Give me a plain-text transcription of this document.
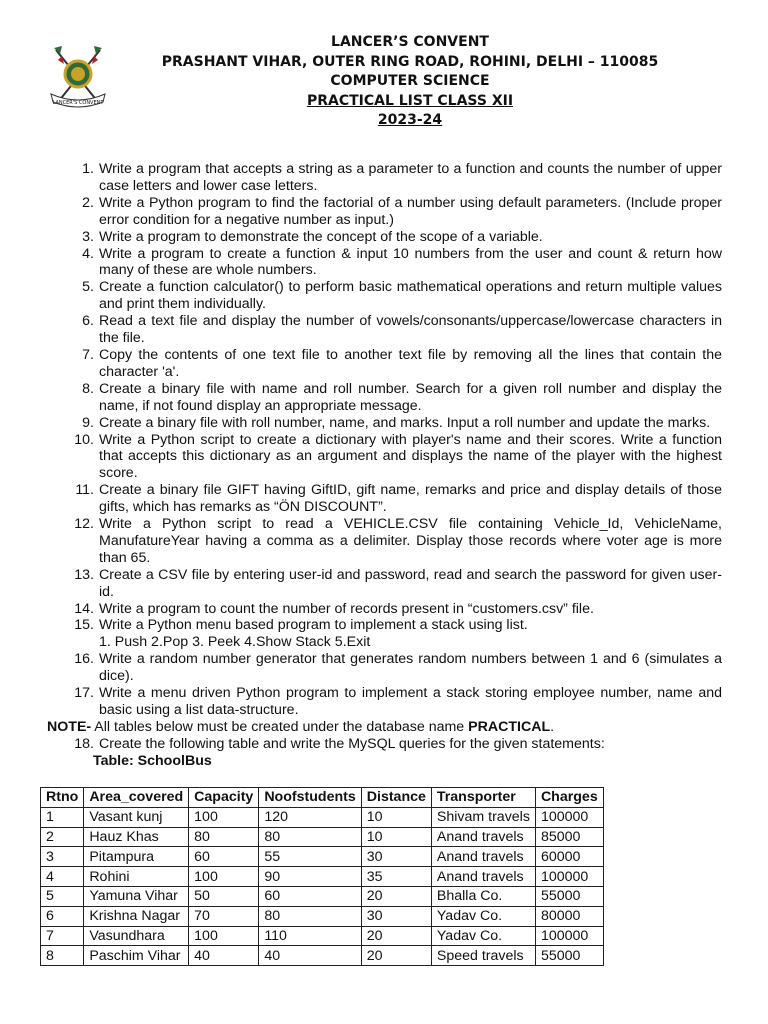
LANCER'S CONVENT
LANCER’S CONVENT
PRASHANT VIHAR, OUTER RING ROAD, ROHINI, DELHI – 110085
COMPUTER SCIENCE
PRACTICAL LIST CLASS XII
2023-24
1. Write a program that accepts a string as a parameter to a function and counts the number of upper case letters and lower case letters.
2. Write a Python program to find the factorial of a number using default parameters. (Include proper error condition for a negative number as input.)
3. Write a program to demonstrate the concept of the scope of a variable.
4. Write a program to create a function & input 10 numbers from the user and count & return how many of these are whole numbers.
5. Create a function calculator() to perform basic mathematical operations and return multiple values and print them individually.
6. Read a text file and display the number of vowels/consonants/uppercase/lowercase characters in the file.
7. Copy the contents of one text file to another text file by removing all the lines that contain the character 'a'.
8. Create a binary file with name and roll number. Search for a given roll number and display the name, if not found display an appropriate message.
9. Create a binary file with roll number, name, and marks. Input a roll number and update the marks.
10. Write a Python script to create a dictionary with player's name and their scores. Write a function that accepts this dictionary as an argument and displays the name of the player with the highest score.
11. Create a binary file GIFT having GiftID, gift name, remarks and price and display details of those gifts, which has remarks as “ÖN DISCOUNT”.
12. Write a Python script to read a VEHICLE.CSV file containing Vehicle_Id, VehicleName, ManufatureYear having a comma as a delimiter. Display those records where voter age is more than 65.
13. Create a CSV file by entering user-id and password, read and search the password for given user-id.
14. Write a program to count the number of records present in “customers.csv” file.
15. Write a Python menu based program to implement a stack using list.
1. Push 2.Pop 3. Peek 4.Show Stack 5.Exit
16. Write a random number generator that generates random numbers between 1 and 6 (simulates a dice).
17. Write a menu driven Python program to implement a stack storing employee number, name and basic using a list data-structure.
NOTE- All tables below must be created under the database name PRACTICAL.
18. Create the following table and write the MySQL queries for the given statements:
Table: SchoolBus
Rtno	Area_covered	Capacity	Noofstudents	Distance	Transporter	Charges
1	Vasant kunj	100	120	10	Shivam travels	100000
2	Hauz Khas	80	80	10	Anand travels	85000
3	Pitampura	60	55	30	Anand travels	60000
4	Rohini	100	90	35	Anand travels	100000
5	Yamuna Vihar	50	60	20	Bhalla Co.	55000
6	Krishna Nagar	70	80	30	Yadav Co.	80000
7	Vasundhara	100	110	20	Yadav Co.	100000
8	Paschim Vihar	40	40	20	Speed travels	55000
